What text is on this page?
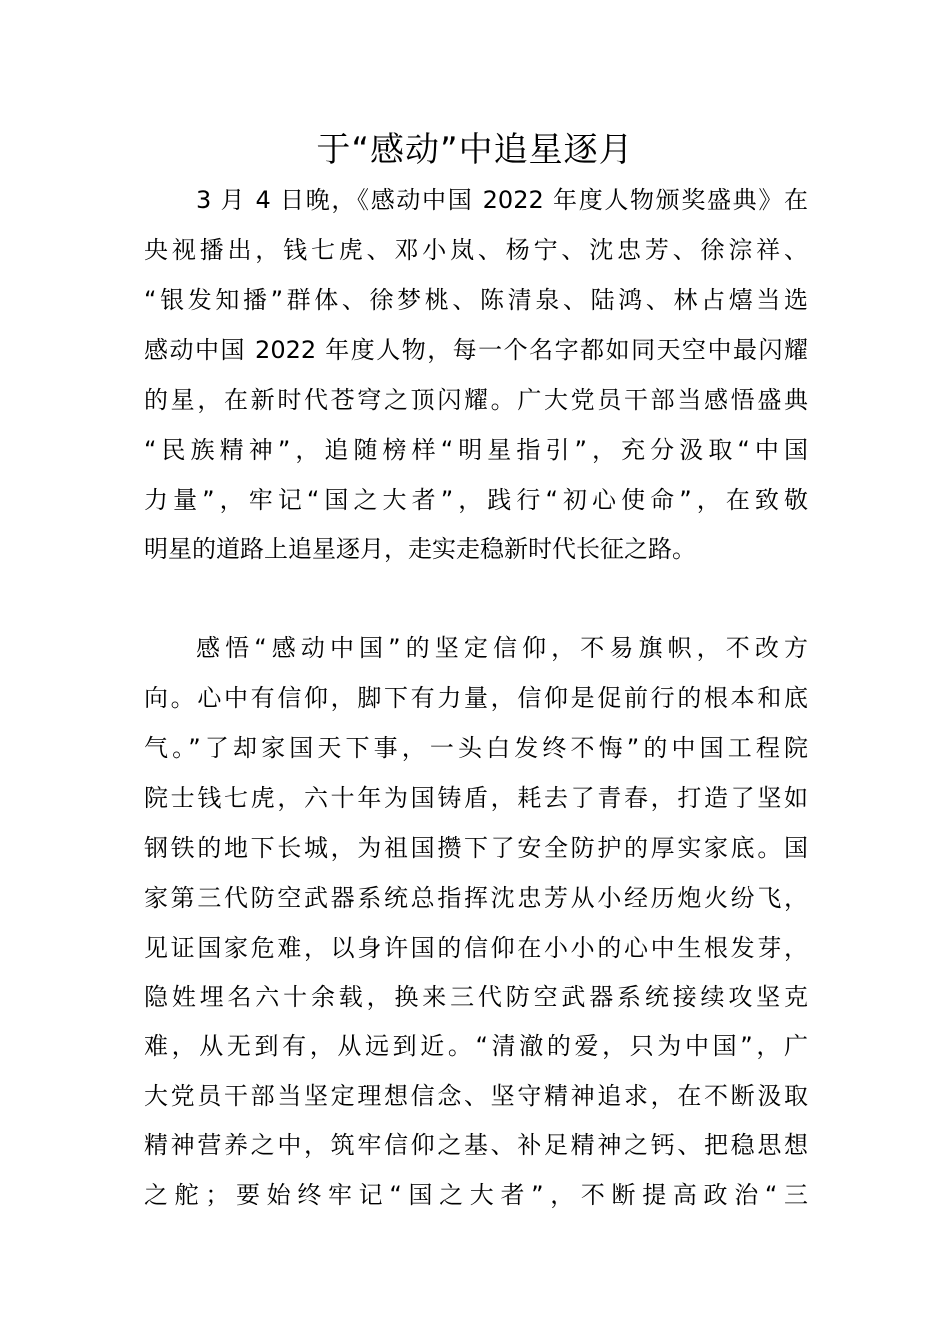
于“感动”中追星逐月
3 月 4 日晚，《感动中国 2022 年度人物颁奖盛典》在
央视播出，钱七虎、邓小岚、杨宁、沈忠芳、徐淙祥、
“银发知播”群体、徐梦桃、陈清泉、陆鸿、林占熺当选
感动中国 2022 年度人物，每一个名字都如同天空中最闪耀
的星，在新时代苍穹之顶闪耀。广大党员干部当感悟盛典
“民族精神”，追随榜样“明星指引”，充分汲取“中国
力量”，牢记“国之大者”，践行“初心使命”，在致敬
明星的道路上追星逐月，走实走稳新时代长征之路。
感悟“感动中国”的坚定信仰，不易旗帜，不改方
向。心中有信仰，脚下有力量，信仰是促前行的根本和底
气。”了却家国天下事，一头白发终不悔”的中国工程院
院士钱七虎，六十年为国铸盾，耗去了青春，打造了坚如
钢铁的地下长城，为祖国攒下了安全防护的厚实家底。国
家第三代防空武器系统总指挥沈忠芳从小经历炮火纷飞，
见证国家危难，以身许国的信仰在小小的心中生根发芽，
隐姓埋名六十余载，换来三代防空武器系统接续攻坚克
难，从无到有，从远到近。“清澈的爱，只为中国”，广
大党员干部当坚定理想信念、坚守精神追求，在不断汲取
精神营养之中，筑牢信仰之基、补足精神之钙、把稳思想
之舵；要始终牢记“国之大者”，不断提高政治“三
